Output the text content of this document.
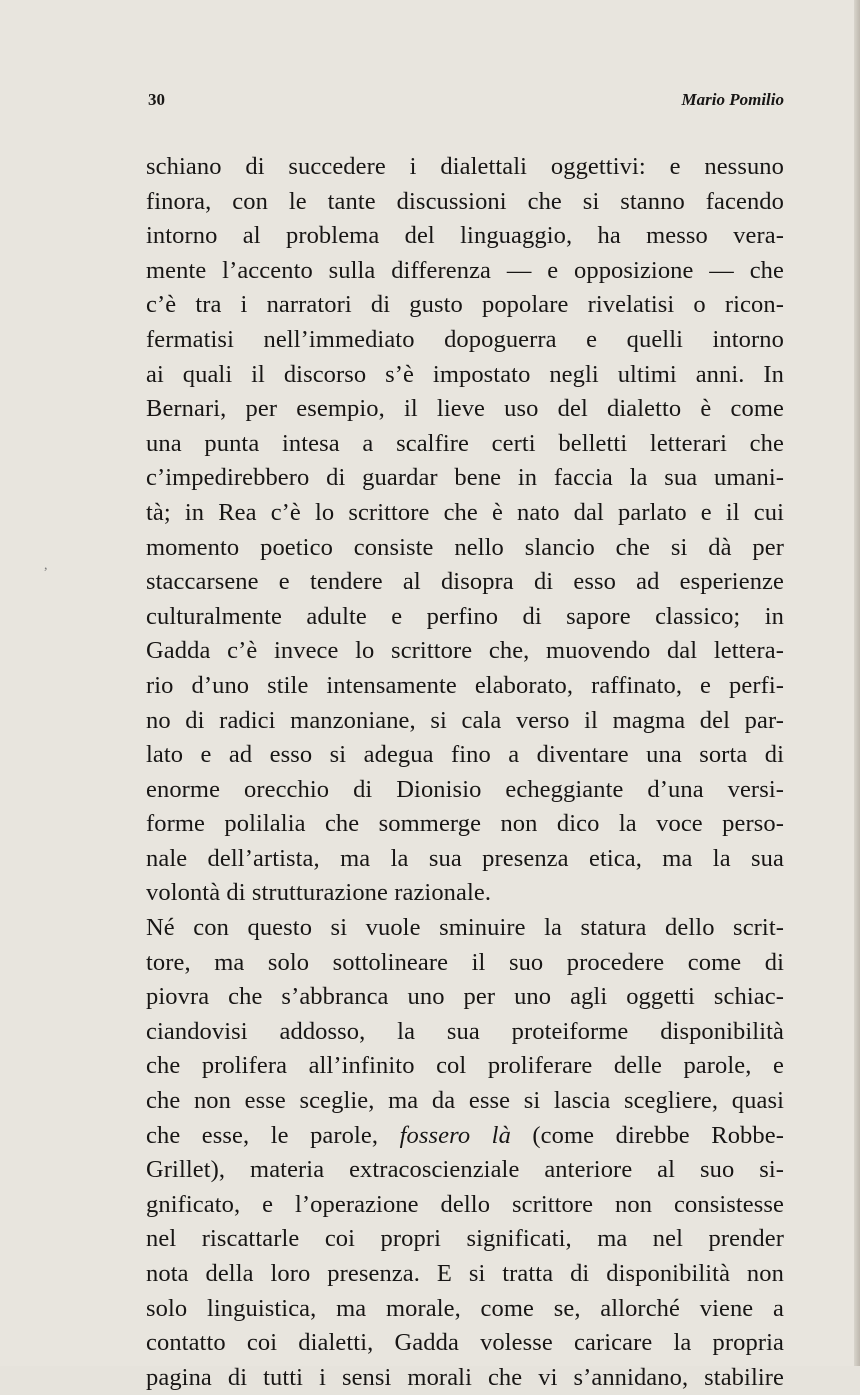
30	Mario Pomilio
,
schiano di succedere i dialettali oggettivi: e nessuno
finora, con le tante discussioni che si stanno facendo
intorno al problema del linguaggio, ha messo vera-
mente l’accento sulla differenza — e opposizione — che
c’è tra i narratori di gusto popolare rivelatisi o ricon-
fermatisi nell’immediato dopoguerra e quelli intorno
ai quali il discorso s’è impostato negli ultimi anni. In
Bernari, per esempio, il lieve uso del dialetto è come
una punta intesa a scalfire certi belletti letterari che
c’impedirebbero di guardar bene in faccia la sua umani-
tà; in Rea c’è lo scrittore che è nato dal parlato e il cui
momento poetico consiste nello slancio che si dà per
staccarsene e tendere al disopra di esso ad esperienze
culturalmente adulte e perfino di sapore classico; in
Gadda c’è invece lo scrittore che, muovendo dal lettera-
rio d’uno stile intensamente elaborato, raffinato, e perfi-
no di radici manzoniane, si cala verso il magma del par-
lato e ad esso si adegua fino a diventare una sorta di
enorme orecchio di Dionisio echeggiante d’una versi-
forme polilalia che sommerge non dico la voce perso-
nale dell’artista, ma la sua presenza etica, ma la sua
volontà di strutturazione razionale.
Né con questo si vuole sminuire la statura dello scrit-
tore, ma solo sottolineare il suo procedere come di
piovra che s’abbranca uno per uno agli oggetti schiac-
ciandovisi addosso, la sua proteiforme disponibilità
che prolifera all’infinito col proliferare delle parole, e
che non esse sceglie, ma da esse si lascia scegliere, quasi
che esse, le parole, fossero là (come direbbe Robbe-
Grillet), materia extracoscienziale anteriore al suo si-
gnificato, e l’operazione dello scrittore non consistesse
nel riscattarle coi propri significati, ma nel prender
nota della loro presenza. E si tratta di disponibilità non
solo linguistica, ma morale, come se, allorché viene a
contatto coi dialetti, Gadda volesse caricare la propria
pagina di tutti i sensi morali che vi s’annidano, stabilire
